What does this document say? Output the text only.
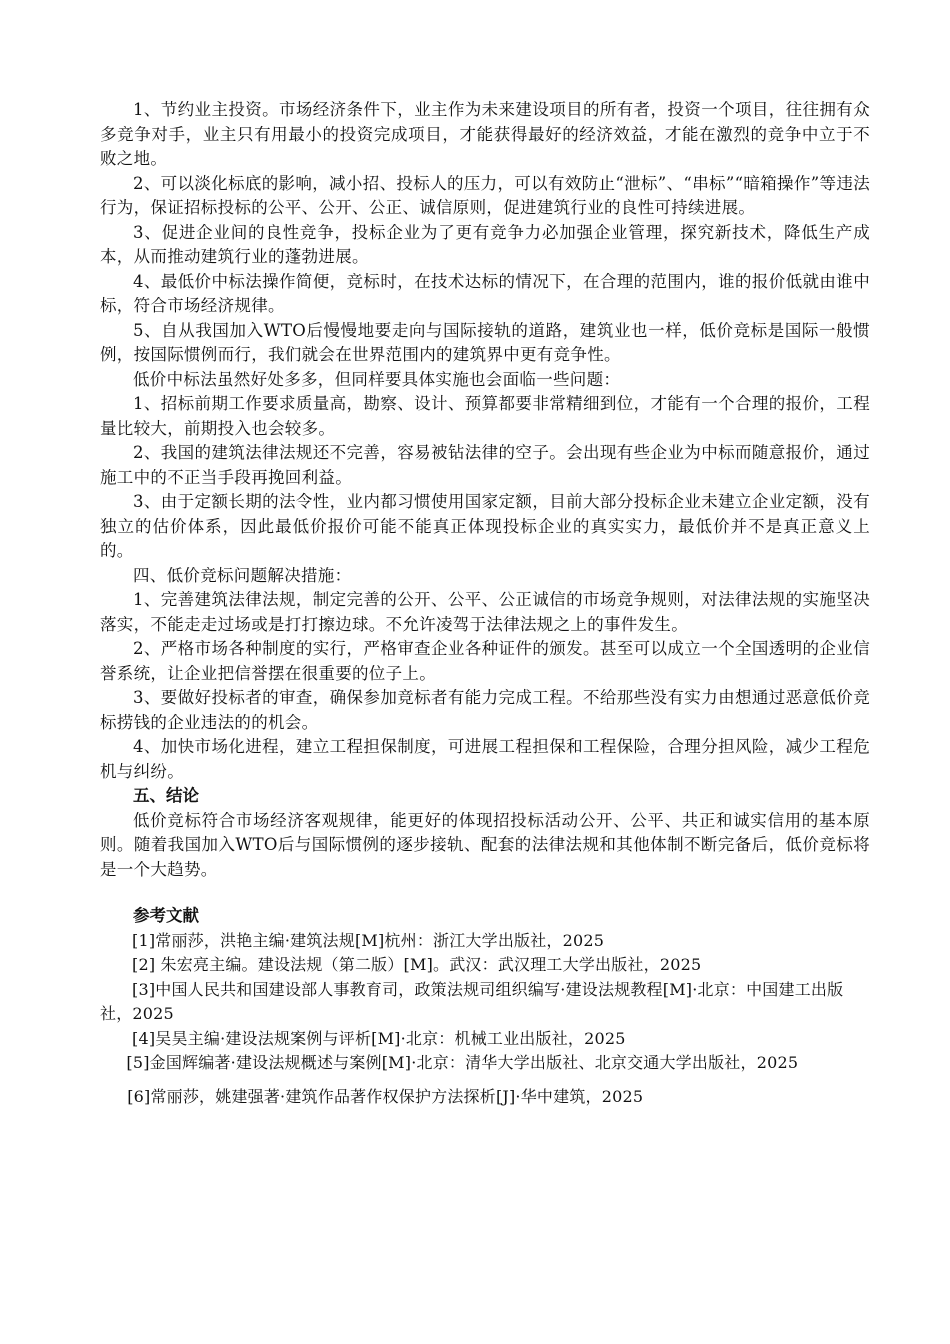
1、节约业主投资。市场经济条件下，业主作为未来建设项目的所有者，投资一个项目，往往拥有众多竞争对手，业主只有用最小的投资完成项目，才能获得最好的经济效益，才能在激烈的竞争中立于不败之地。

2、可以淡化标底的影响，减小招、投标人的压力，可以有效防止“泄标”、“串标”“暗箱操作”等违法行为，保证招标投标的公平、公开、公正、诚信原则，促进建筑行业的良性可持续进展。

3、促进企业间的良性竞争，投标企业为了更有竞争力必加强企业管理，探究新技术，降低生产成本，从而推动建筑行业的蓬勃进展。

4、最低价中标法操作简便，竞标时，在技术达标的情况下，在合理的范围内，谁的报价低就由谁中标，符合市场经济规律。

5、自从我国加入WTO后慢慢地要走向与国际接轨的道路，建筑业也一样，低价竞标是国际一般惯例，按国际惯例而行，我们就会在世界范围内的建筑界中更有竞争性。

低价中标法虽然好处多多，但同样要具体实施也会面临一些问题：

1、招标前期工作要求质量高，勘察、设计、预算都要非常精细到位，才能有一个合理的报价，工程量比较大，前期投入也会较多。

2、我国的建筑法律法规还不完善，容易被钻法律的空子。会出现有些企业为中标而随意报价，通过施工中的不正当手段再挽回利益。

3、由于定额长期的法令性，业内都习惯使用国家定额，目前大部分投标企业未建立企业定额，没有独立的估价体系，因此最低价报价可能不能真正体现投标企业的真实实力，最低价并不是真正意义上的。

四、低价竞标问题解决措施：

1、完善建筑法律法规，制定完善的公开、公平、公正诚信的市场竞争规则，对法律法规的实施坚决落实，不能走走过场或是打打擦边球。不允许凌驾于法律法规之上的事件发生。

2、严格市场各种制度的实行，严格审查企业各种证件的颁发。甚至可以成立一个全国透明的企业信誉系统，让企业把信誉摆在很重要的位子上。

3、要做好投标者的审查，确保参加竞标者有能力完成工程。不给那些没有实力由想通过恶意低价竞标捞钱的企业违法的的机会。

4、加快市场化进程，建立工程担保制度，可进展工程担保和工程保险，合理分担风险，减少工程危机与纠纷。

五、结论

低价竞标符合市场经济客观规律，能更好的体现招投标活动公开、公平、共正和诚实信用的基本原则。随着我国加入WTO后与国际惯例的逐步接轨、配套的法律法规和其他体制不断完备后，低价竞标将是一个大趋势。

参考文献

[1]常丽莎，洪艳主编·建筑法规[M]杭州：浙江大学出版社，2025

[2] 朱宏亮主编。建设法规（第二版）[M]。武汉：武汉理工大学出版社，2025

[3]中国人民共和国建设部人事教育司，政策法规司组织编写·建设法规教程[M]·北京：中国建工出版社，2025

[4]吴昊主编·建设法规案例与评析[M]·北京：机械工业出版社，2025

[5]金国辉编著·建设法规概述与案例[M]·北京：清华大学出版社、北京交通大学出版社，2025

[6]常丽莎，姚建强著·建筑作品著作权保护方法探析[J]·华中建筑，2025
